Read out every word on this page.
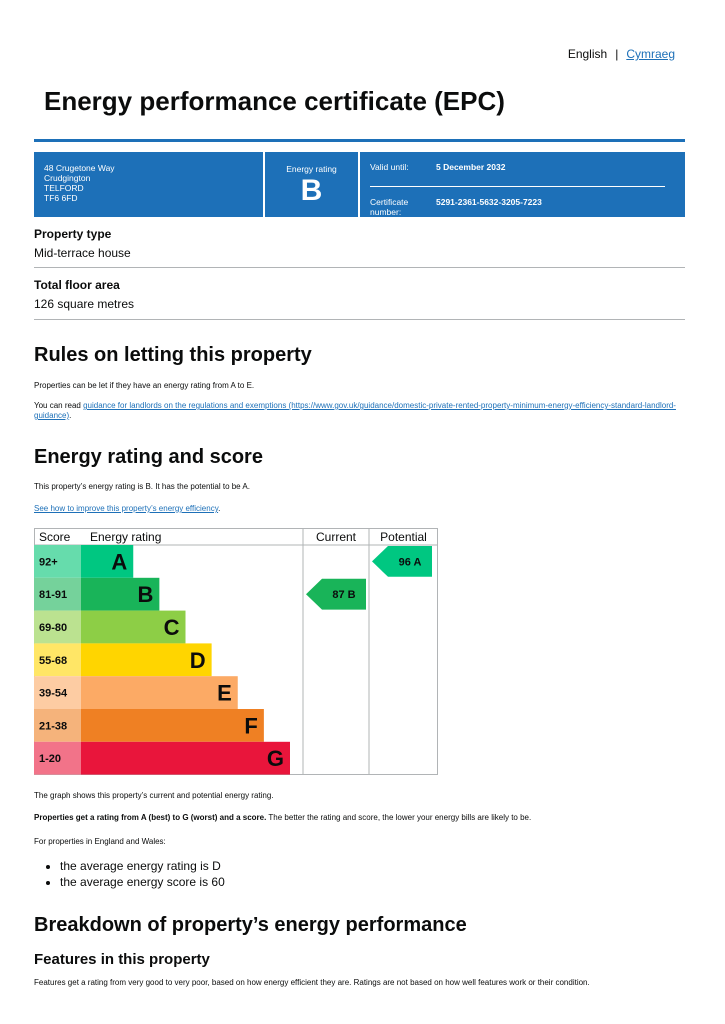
English | Cymraeg
Energy performance certificate (EPC)
48 Crugetone Way
Crudgington
TELFORD
TF6 6FD
Energy rating
B
Valid until:	5 December 2032
Certificate number:
5291-2361-5632-3205-7223
Property type
Mid-terrace house
Total floor area
126 square metres
Rules on letting this property
Properties can be let if they have an energy rating from A to E.
You can read guidance for landlords on the regulations and exemptions (https://www.gov.uk/guidance/domestic-private-rented-property-minimum-energy-efficiency-standard-landlord-guidance).
Energy rating and score
This property’s energy rating is B. It has the potential to be A.
See how to improve this property’s energy efficiency.
Score Energy rating	Current Potential
92+ A
81-91	B
69-80	C
55-68	D
39-54	E
21-38	F
1-20	G
87 B
96 A
The graph shows this property’s current and potential energy rating.
Properties get a rating from A (best) to G (worst) and a score. The better the rating and score, the lower your energy bills are likely to be.
For properties in England and Wales:
• the average energy rating is D
• the average energy score is 60
Breakdown of property’s energy performance
Features in this property
Features get a rating from very good to very poor, based on how energy efficient they are. Ratings are not based on how well features work or their condition.
